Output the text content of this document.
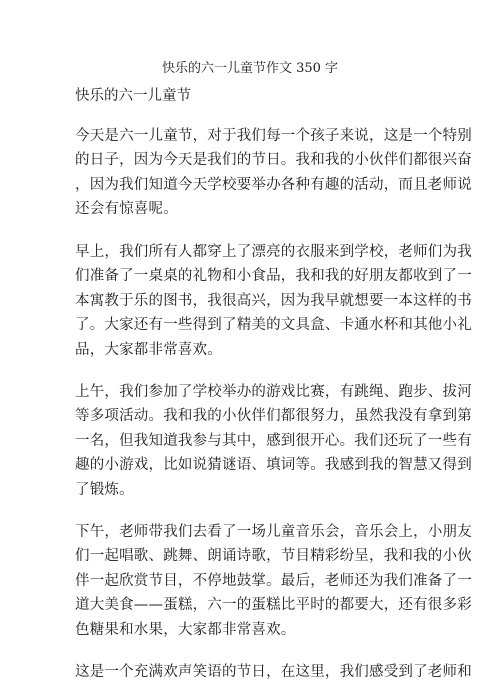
快乐的六一儿童节作文 350 字
快乐的六一儿童节
今天是六一儿童节，对于我们每一个孩子来说，这是一个特别
的日子，因为今天是我们的节日。我和我的小伙伴们都很兴奋
，因为我们知道今天学校要举办各种有趣的活动，而且老师说
还会有惊喜呢。
早上，我们所有人都穿上了漂亮的衣服来到学校，老师们为我
们准备了一桌桌的礼物和小食品，我和我的好朋友都收到了一
本寓教于乐的图书，我很高兴，因为我早就想要一本这样的书
了。大家还有一些得到了精美的文具盒、卡通水杯和其他小礼
品，大家都非常喜欢。
上午，我们参加了学校举办的游戏比赛，有跳绳、跑步、拔河
等多项活动。我和我的小伙伴们都很努力，虽然我没有拿到第
一名，但我知道我参与其中，感到很开心。我们还玩了一些有
趣的小游戏，比如说猜谜语、填词等。我感到我的智慧又得到
了锻炼。
下午，老师带我们去看了一场儿童音乐会，音乐会上，小朋友
们一起唱歌、跳舞、朗诵诗歌，节目精彩纷呈，我和我的小伙
伴一起欣赏节目，不停地鼓掌。最后，老师还为我们准备了一
道大美食——蛋糕，六一的蛋糕比平时的都要大，还有很多彩
色糖果和水果，大家都非常喜欢。
这是一个充满欢声笑语的节日，在这里，我们感受到了老师和
